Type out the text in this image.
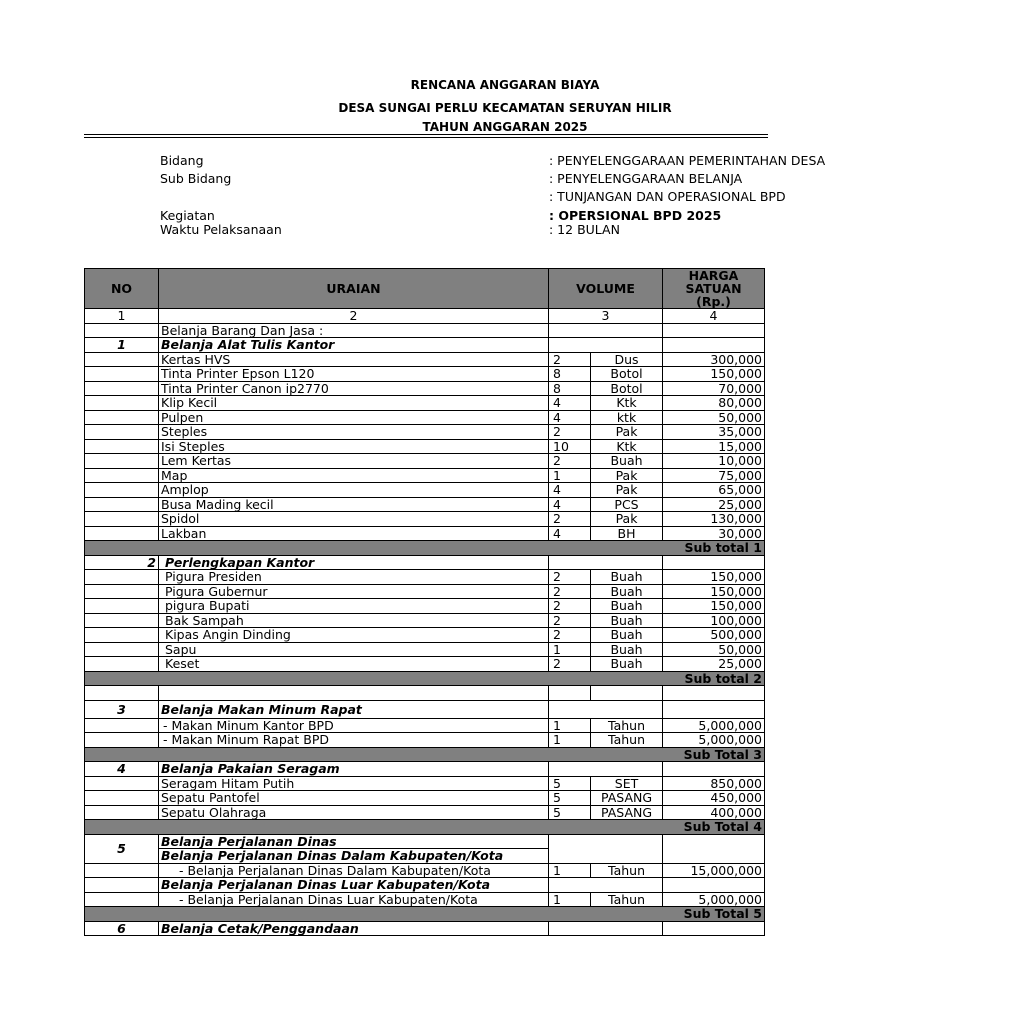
RENCANA ANGGARAN BIAYA
DESA SUNGAI PERLU KECAMATAN SERUYAN HILIR
TAHUN ANGGARAN 2025
Bidang	: PENYELENGGARAAN PEMERINTAHAN DESA
Sub Bidang	: PENYELENGGARAAN BELANJA
: TUNJANGAN DAN OPERASIONAL BPD
Kegiatan	: OPERSIONAL BPD 2025
Waktu Pelaksanaan	: 12 BULAN
NO	URAIAN	VOLUME		HARGA SATUAN (Rp.)
1	2	3		4
	Belanja Barang Dan Jasa :			
1	Belanja Alat Tulis Kantor			
	Kertas HVS	2	Dus	300,000
	Tinta Printer Epson L120	8	Botol	150,000
	Tinta Printer Canon ip2770	8	Botol	70,000
	Klip Kecil	4	Ktk	80,000
	Pulpen	4	ktk	50,000
	Steples	2	Pak	35,000
	Isi Steples	10	Ktk	15,000
	Lem Kertas	2	Buah	10,000
	Map	1	Pak	75,000
	Amplop	4	Pak	65,000
	Busa Mading kecil	4	PCS	25,000
	Spidol	2	Pak	130,000
	Lakban	4	BH	30,000
Sub total 1				
2	Perlengkapan Kantor			
	Pigura Presiden	2	Buah	150,000
	Pigura Gubernur	2	Buah	150,000
	pigura Bupati	2	Buah	150,000
	Bak Sampah	2	Buah	100,000
	Kipas Angin Dinding	2	Buah	500,000
	Sapu	1	Buah	50,000
	Keset	2	Buah	25,000
Sub total 2				

3	Belanja Makan Minum Rapat			
	- Makan Minum Kantor BPD	1	Tahun	5,000,000
	- Makan Minum Rapat BPD	1	Tahun	5,000,000
Sub Total 3				
4	Belanja Pakaian Seragam			
	Seragam Hitam Putih	5	SET	850,000
	Sepatu Pantofel	5	PASANG	450,000
	Sepatu Olahraga	5	PASANG	400,000
Sub Total 4				
5	Belanja Perjalanan Dinas			
	Belanja Perjalanan Dinas Dalam Kabupaten/Kota			
	- Belanja Perjalanan Dinas Dalam Kabupaten/Kota	1	Tahun	15,000,000
	Belanja Perjalanan Dinas Luar Kabupaten/Kota			
	- Belanja Perjalanan Dinas Luar Kabupaten/Kota	1	Tahun	5,000,000
Sub Total 5				
6	Belanja Cetak/Penggandaan			
